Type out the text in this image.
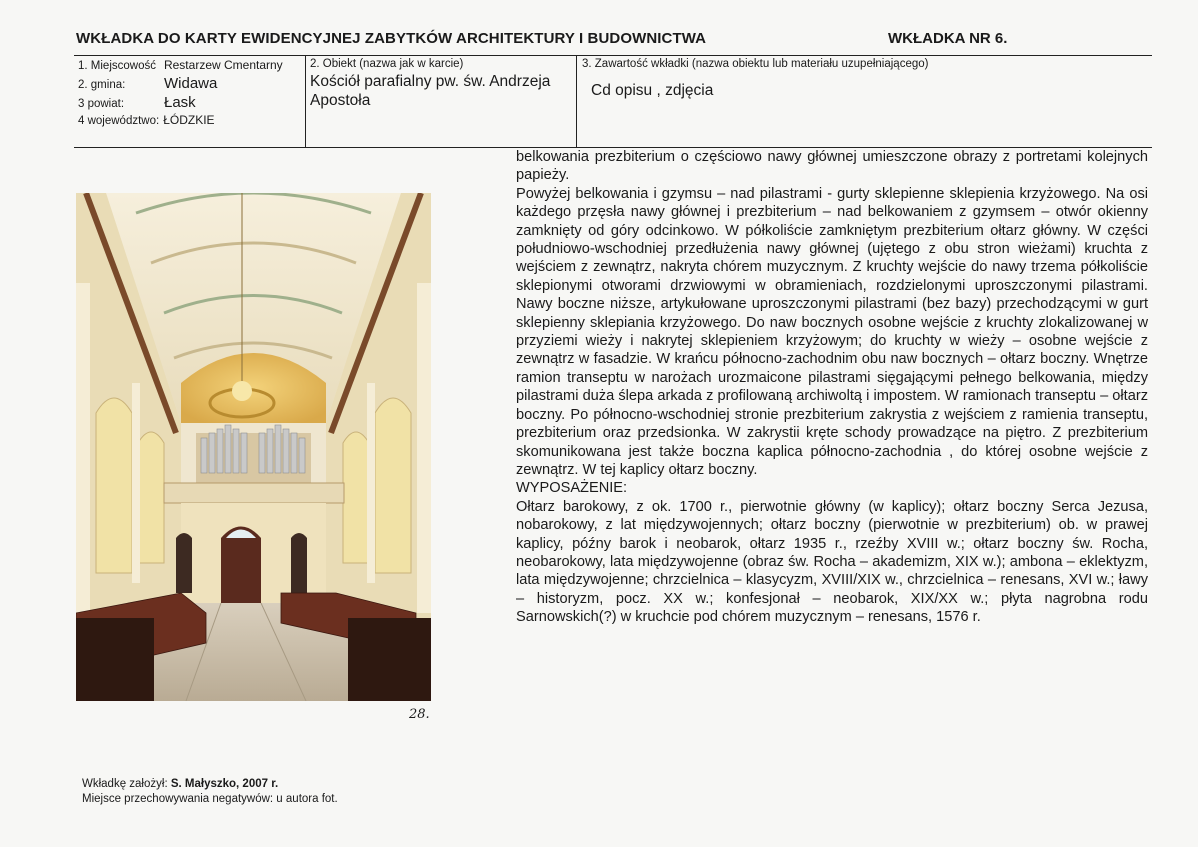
WKŁADKA DO KARTY EWIDENCYJNEJ ZABYTKÓW ARCHITEKTURY I BUDOWNICTWA	WKŁADKA NR 6.
1. Miejscowość Restarzew Cmentarny
2. gmina:	Widawa
3 powiat:	Łask
4 województwo: ŁÓDZKIE
2. Obiekt (nazwa jak w karcie)
Kościół parafialny pw. św. Andrzeja Apostoła
3. Zawartość wkładki (nazwa obiektu lub materiału uzupełniającego)
Cd opisu , zdjęcia
28.

belkowania prezbiterium o częściowo nawy głównej umieszczone obrazy z portretami kolejnych papieży.

Powyżej belkowania i gzymsu – nad pilastrami - gurty sklepienne sklepienia krzyżowego. Na osi każdego przęsła nawy głównej i prezbiterium – nad belkowaniem z gzymsem – otwór okienny zamknięty od góry odcinkowo. W półkoliście zamkniętym prezbiterium ołtarz główny. W części południowo-wschodniej przedłużenia nawy głównej (ujętego z obu stron wieżami) kruchta z wejściem z zewnątrz, nakryta chórem muzycznym. Z kruchty wejście do nawy trzema półkoliście sklepionymi otworami drzwiowymi w obramieniach, rozdzielonymi uproszczonymi pilastrami. Nawy boczne niższe, artykułowane uproszczonymi pilastrami (bez bazy) przechodzącymi w gurt sklepienny sklepiania krzyżowego. Do naw bocznych osobne wejście z kruchty zlokalizowanej w przyziemi wieży i nakrytej sklepieniem krzyżowym; do kruchty w wieży – osobne wejście z zewnątrz w fasadzie. W krańcu północno-zachodnim obu naw bocznych – ołtarz boczny. Wnętrze ramion transeptu w narożach urozmaicone pilastrami sięgającymi pełnego belkowania, między pilastrami duża ślepa arkada z profilowaną archiwoltą i impostem. W ramionach transeptu – ołtarz boczny. Po północno-wschodniej stronie prezbiterium zakrystia z wejściem z ramienia transeptu, prezbiterium oraz przedsionka. W zakrystii kręte schody prowadzące na piętro. Z prezbiterium skomunikowana jest także boczna kaplica północno-zachodnia , do której osobne wejście z zewnątrz. W tej kaplicy ołtarz boczny.

WYPOSAŻENIE:

Ołtarz barokowy, z ok. 1700 r., pierwotnie główny (w kaplicy); ołtarz boczny Serca Jezusa, nobarokowy, z lat międzywojennych; ołtarz boczny (pierwotnie w prezbiterium) ob. w prawej kaplicy, późny barok i neobarok, ołtarz 1935 r., rzeźby XVIII w.; ołtarz boczny św. Rocha, neobarokowy, lata międzywojenne (obraz św. Rocha – akademizm, XIX w.); ambona – eklektyzm, lata międzywojenne; chrzcielnica – klasycyzm, XVIII/XIX w., chrzcielnica – renesans, XVI w.; ławy – historyzm, pocz. XX w.; konfesjonał – neobarok, XIX/XX w.; płyta nagrobna rodu Sarnowskich(?) w kruchcie pod chórem muzycznym – renesans, 1576 r.

Wkładkę założył: S. Małyszko, 2007 r.
Miejsce przechowywania negatywów: u autora fot.
